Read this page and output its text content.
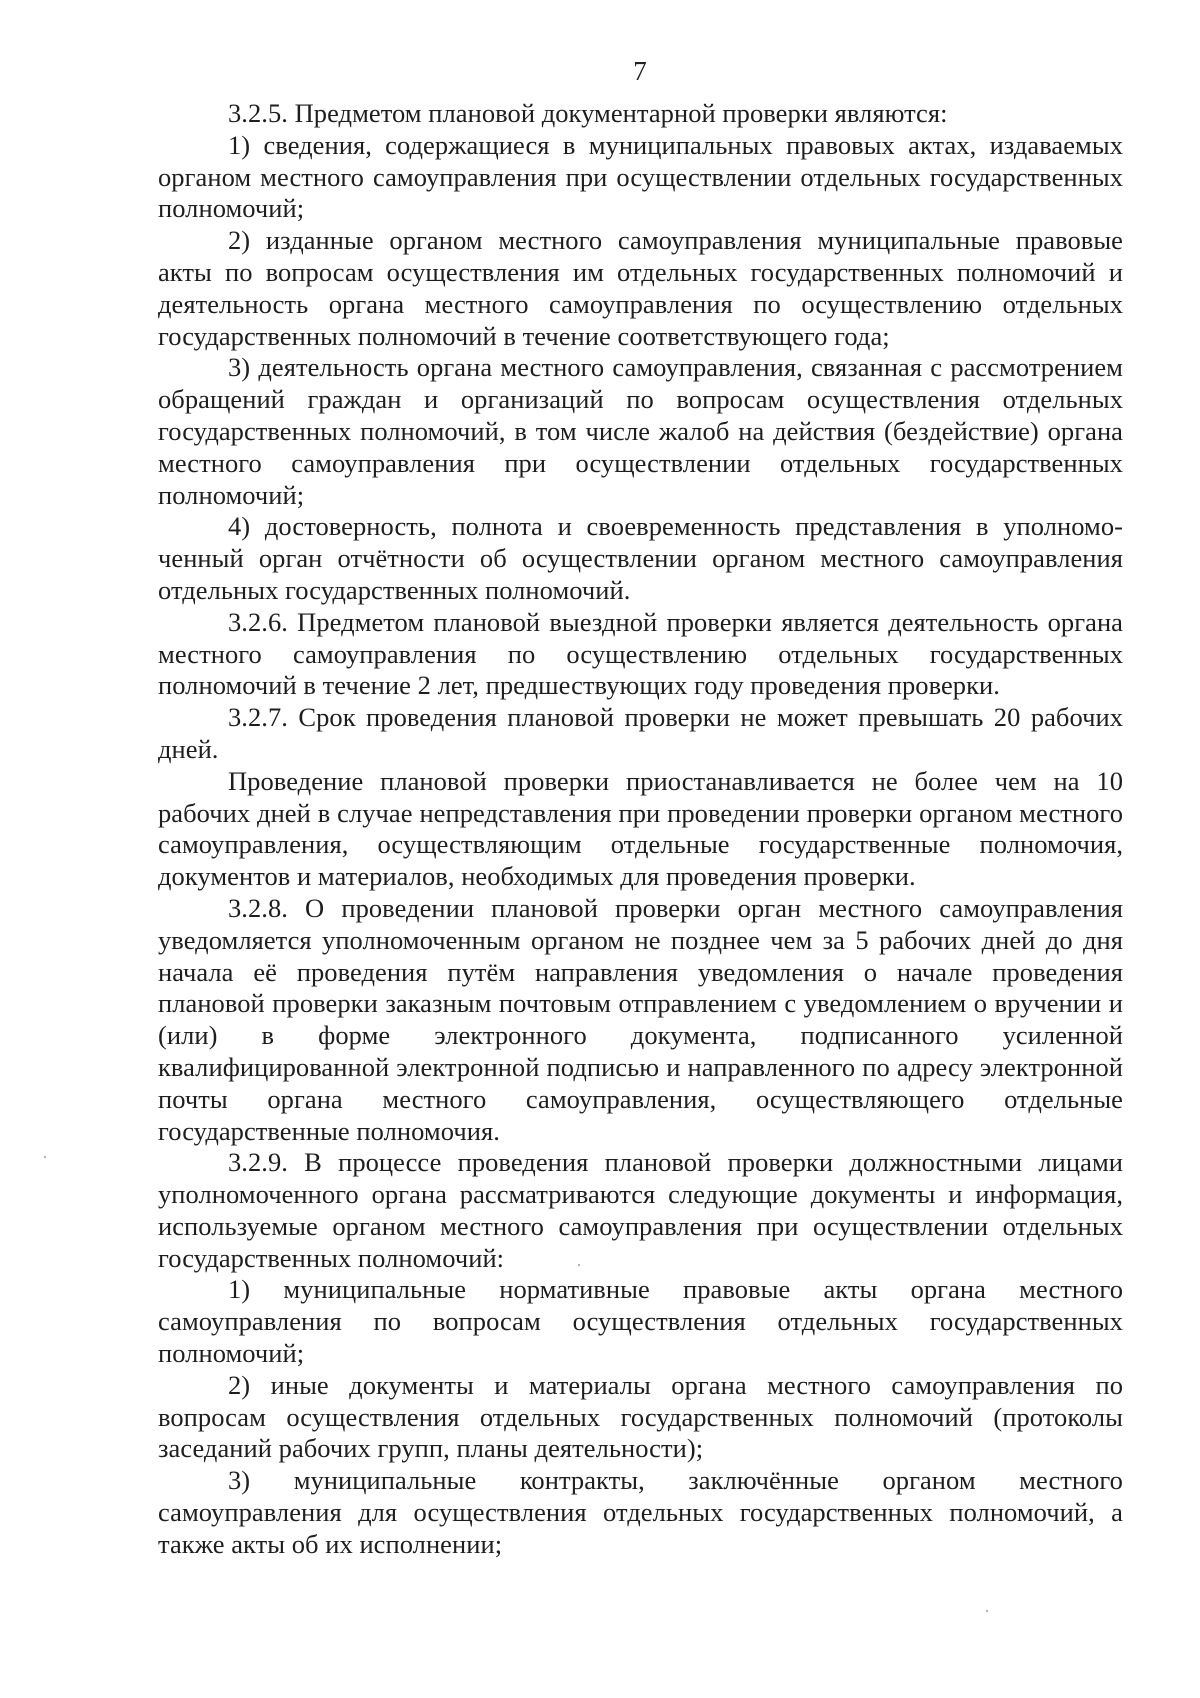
7

3.2.5. Предметом плановой документарной проверки являются:

1) сведения, содержащиеся в муниципальных правовых актах, издаваемых органом местного самоуправления при осуществлении отдельных государственных полномочий;

2) изданные органом местного самоуправления муниципальные правовые акты по вопросам осуществления им отдельных государственных полномочий и деятельность органа местного самоуправления по осуществлению отдельных государственных полномочий в течение соответствующего года;

3) деятельность органа местного самоуправления, связанная с рассмотрением обращений граждан и организаций по вопросам осуществления отдельных государственных полномочий, в том числе жалоб на действия (бездействие) органа местного самоуправления при осуществлении отдельных государственных полномочий;

4) достоверность, полнота и своевременность представления в уполномоченный орган отчётности об осуществлении органом местного самоуправления отдельных государственных полномочий.

3.2.6. Предметом плановой выездной проверки является деятельность органа местного самоуправления по осуществлению отдельных государственных полномочий в течение 2 лет, предшествующих году проведения проверки.

3.2.7. Срок проведения плановой проверки не может превышать 20 рабочих дней.

Проведение плановой проверки приостанавливается не более чем на 10 рабочих дней в случае непредставления при проведении проверки органом местного самоуправления, осуществляющим отдельные государственные полномочия, документов и материалов, необходимых для проведения проверки.

3.2.8. О проведении плановой проверки орган местного самоуправления уведомляется уполномоченным органом не позднее чем за 5 рабочих дней до дня начала её проведения путём направления уведомления о начале проведения плановой проверки заказным почтовым отправлением с уведомлением о вручении и (или) в форме электронного документа, подписанного усиленной квалифицированной электронной подписью и направленного по адресу электронной почты органа местного самоуправления, осуществляющего отдельные государственные полномочия.

3.2.9. В процессе проведения плановой проверки должностными лицами уполномоченного органа рассматриваются следующие документы и информация, используемые органом местного самоуправления при осуществлении отдельных государственных полномочий:

1) муниципальные нормативные правовые акты органа местного самоуправления по вопросам осуществления отдельных государственных полномочий;

2) иные документы и материалы органа местного самоуправления по вопросам осуществления отдельных государственных полномочий (протоколы заседаний рабочих групп, планы деятельности);

3) муниципальные контракты, заключённые органом местного самоуправления для осуществления отдельных государственных полномочий, а также акты об их исполнении;
